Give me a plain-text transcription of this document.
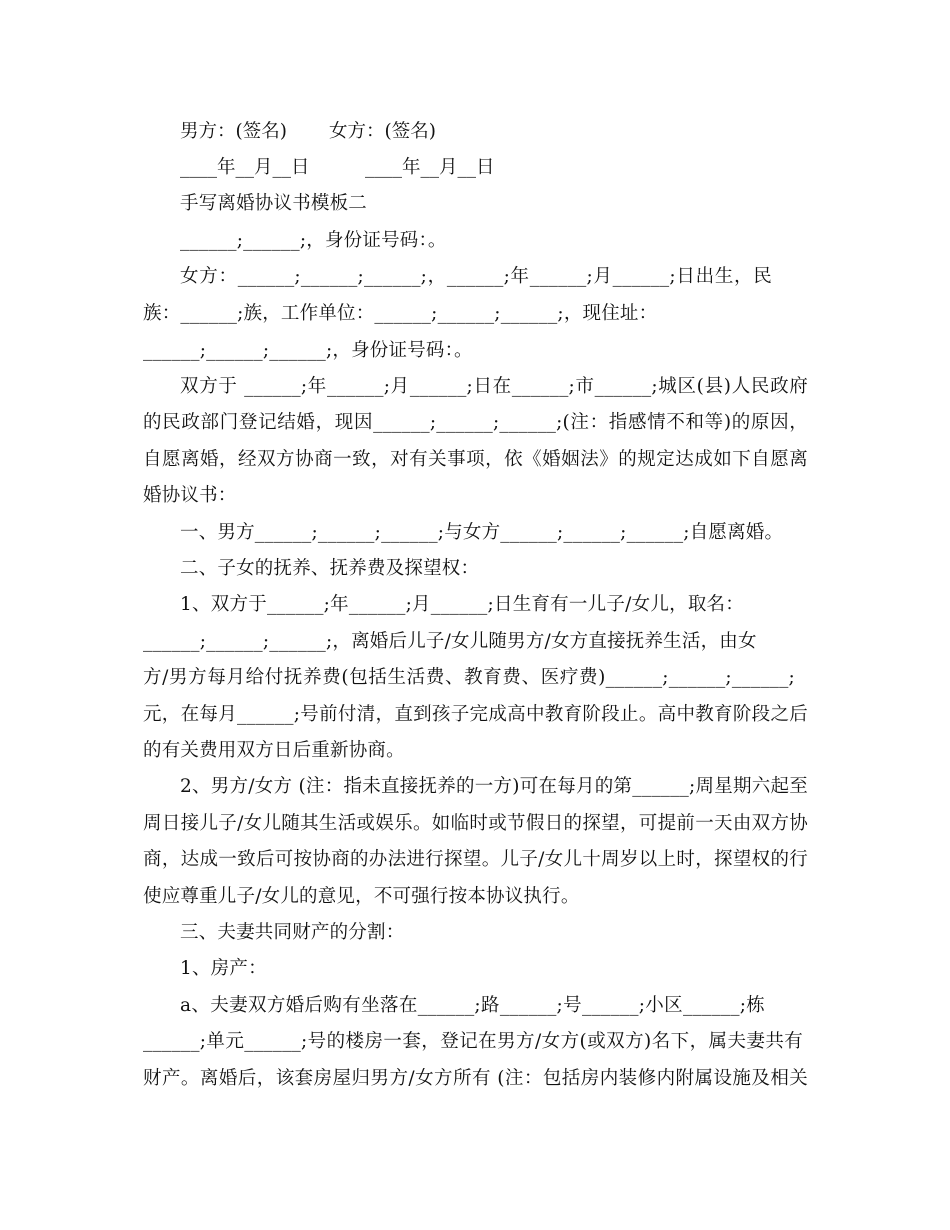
男方：(签名) 女方：(签名)
____年__月__日	____年__月__日
手写离婚协议书模板二
______;______;，身份证号码：。
女方：______;______;______;，______;年______;月______;日出生，民
族：______;族，工作单位：______;______;______;，现住址：
______;______;______;，身份证号码：。
双方于 ______;年______;月______;日在______;市______;城区(县)人民政府
的民政部门登记结婚，现因______;______;______;(注：指感情不和等)的原因，
自愿离婚，经双方协商一致，对有关事项，依《婚姻法》的规定达成如下自愿离
婚协议书：
一、男方______;______;______;与女方______;______;______;自愿离婚。
二、子女的抚养、抚养费及探望权：
1、双方于______;年______;月______;日生育有一儿子/女儿，取名：
______;______;______;，离婚后儿子/女儿随男方/女方直接抚养生活，由女
方/男方每月给付抚养费(包括生活费、教育费、医疗费)______;______;______;
元，在每月______;号前付清，直到孩子完成高中教育阶段止。高中教育阶段之后
的有关费用双方日后重新协商。
2、男方/女方 (注：指未直接抚养的一方)可在每月的第______;周星期六起至
周日接儿子/女儿随其生活或娱乐。如临时或节假日的探望，可提前一天由双方协
商，达成一致后可按协商的办法进行探望。儿子/女儿十周岁以上时，探望权的行
使应尊重儿子/女儿的意见，不可强行按本协议执行。
三、夫妻共同财产的分割：
1、房产：
a、夫妻双方婚后购有坐落在______;路______;号______;小区______;栋
______;单元______;号的楼房一套，登记在男方/女方(或双方)名下，属夫妻共有
财产。离婚后，该套房屋归男方/女方所有 (注：包括房内装修内附属设施及相关
